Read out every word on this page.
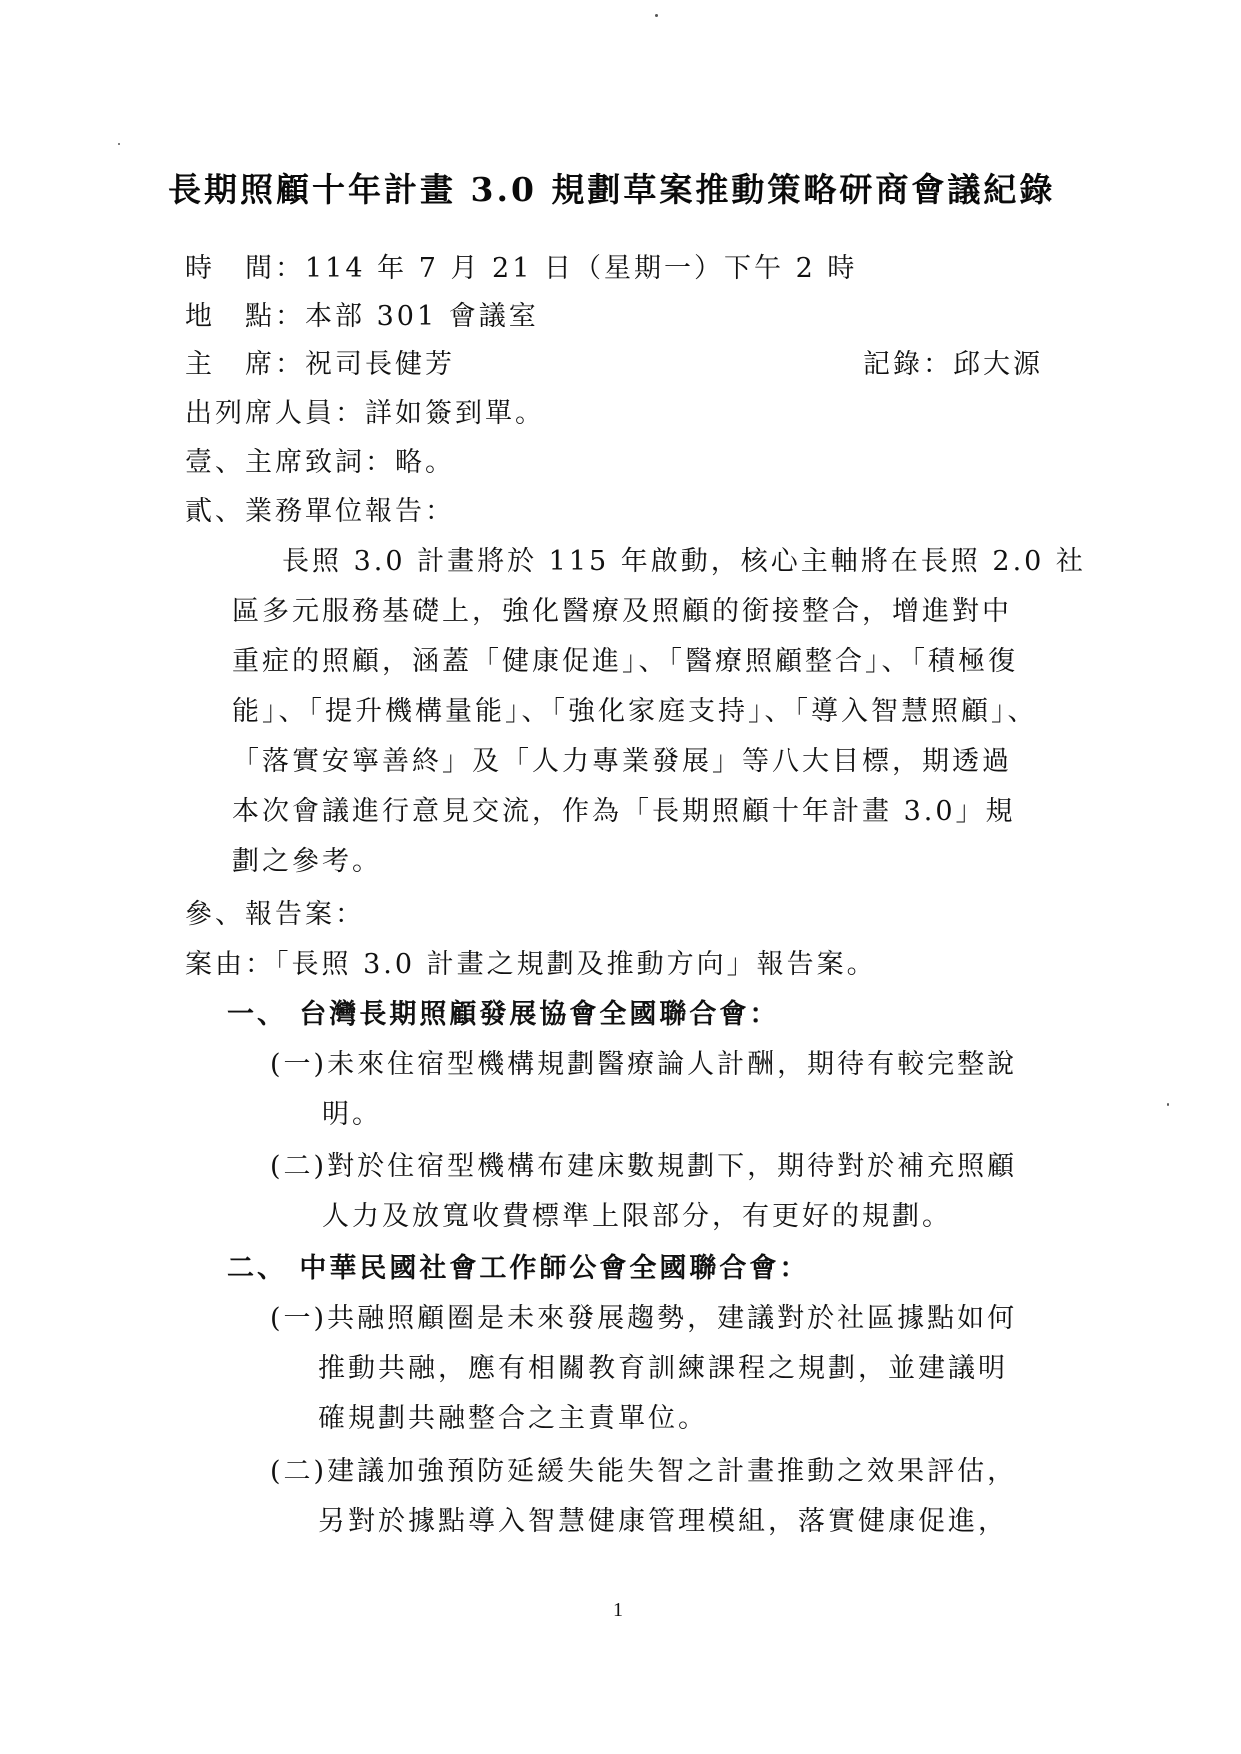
長期照顧十年計畫 3.0 規劃草案推動策略研商會議紀錄
時　間：114 年 7 月 21 日（星期一）下午 2 時
地　點：本部 301 會議室
主　席：祝司長健芳	記錄：邱大源
出列席人員：詳如簽到單。
壹、主席致詞：略。
貳、業務單位報告：
長照 3.0 計畫將於 115 年啟動，核心主軸將在長照 2.0 社
區多元服務基礎上，強化醫療及照顧的銜接整合，增進對中
重症的照顧，涵蓋「健康促進」、「醫療照顧整合」、「積極復
能」、「提升機構量能」、「強化家庭支持」、「導入智慧照顧」、
「落實安寧善終」及「人力專業發展」等八大目標，期透過
本次會議進行意見交流，作為「長期照顧十年計畫 3.0」規
劃之參考。
參、報告案：
案由：「長照 3.0 計畫之規劃及推動方向」報告案。
一、 台灣長期照顧發展協會全國聯合會：
(一)未來住宿型機構規劃醫療論人計酬，期待有較完整說
明。
(二)對於住宿型機構布建床數規劃下，期待對於補充照顧
人力及放寬收費標準上限部分，有更好的規劃。
二、 中華民國社會工作師公會全國聯合會：
(一)共融照顧圈是未來發展趨勢，建議對於社區據點如何
推動共融，應有相關教育訓練課程之規劃，並建議明
確規劃共融整合之主責單位。
(二)建議加強預防延緩失能失智之計畫推動之效果評估，
另對於據點導入智慧健康管理模組，落實健康促進，
1
